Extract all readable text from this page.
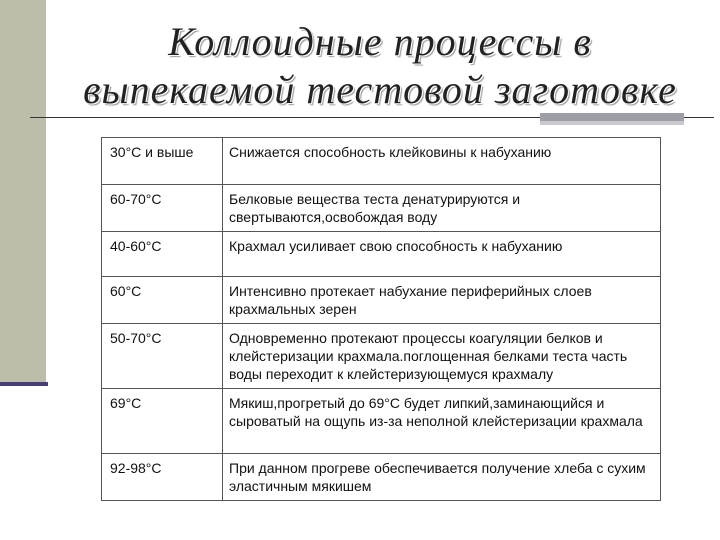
Коллоидные процессы в
выпекаемой тестовой заготовке
30°С и выше	Снижается способность клейковины к набуханию
60-70°С	Белковые вещества теста денатурируются и свертываются,освобождая воду
40-60°С	Крахмал усиливает свою способность к набуханию
60°С	Интенсивно протекает набухание периферийных слоев крахмальных зерен
50-70°С	Одновременно протекают процессы коагуляции белков и клейстеризации крахмала.поглощенная белками теста часть воды переходит к клейстеризующемуся крахмалу
69°С	Мякиш,прогретый до 69°С будет липкий,заминающийся и сыроватый на ощупь из-за неполной клейстеризации крахмала
92-98°С	При данном прогреве обеспечивается получение хлеба с сухим эластичным мякишем
